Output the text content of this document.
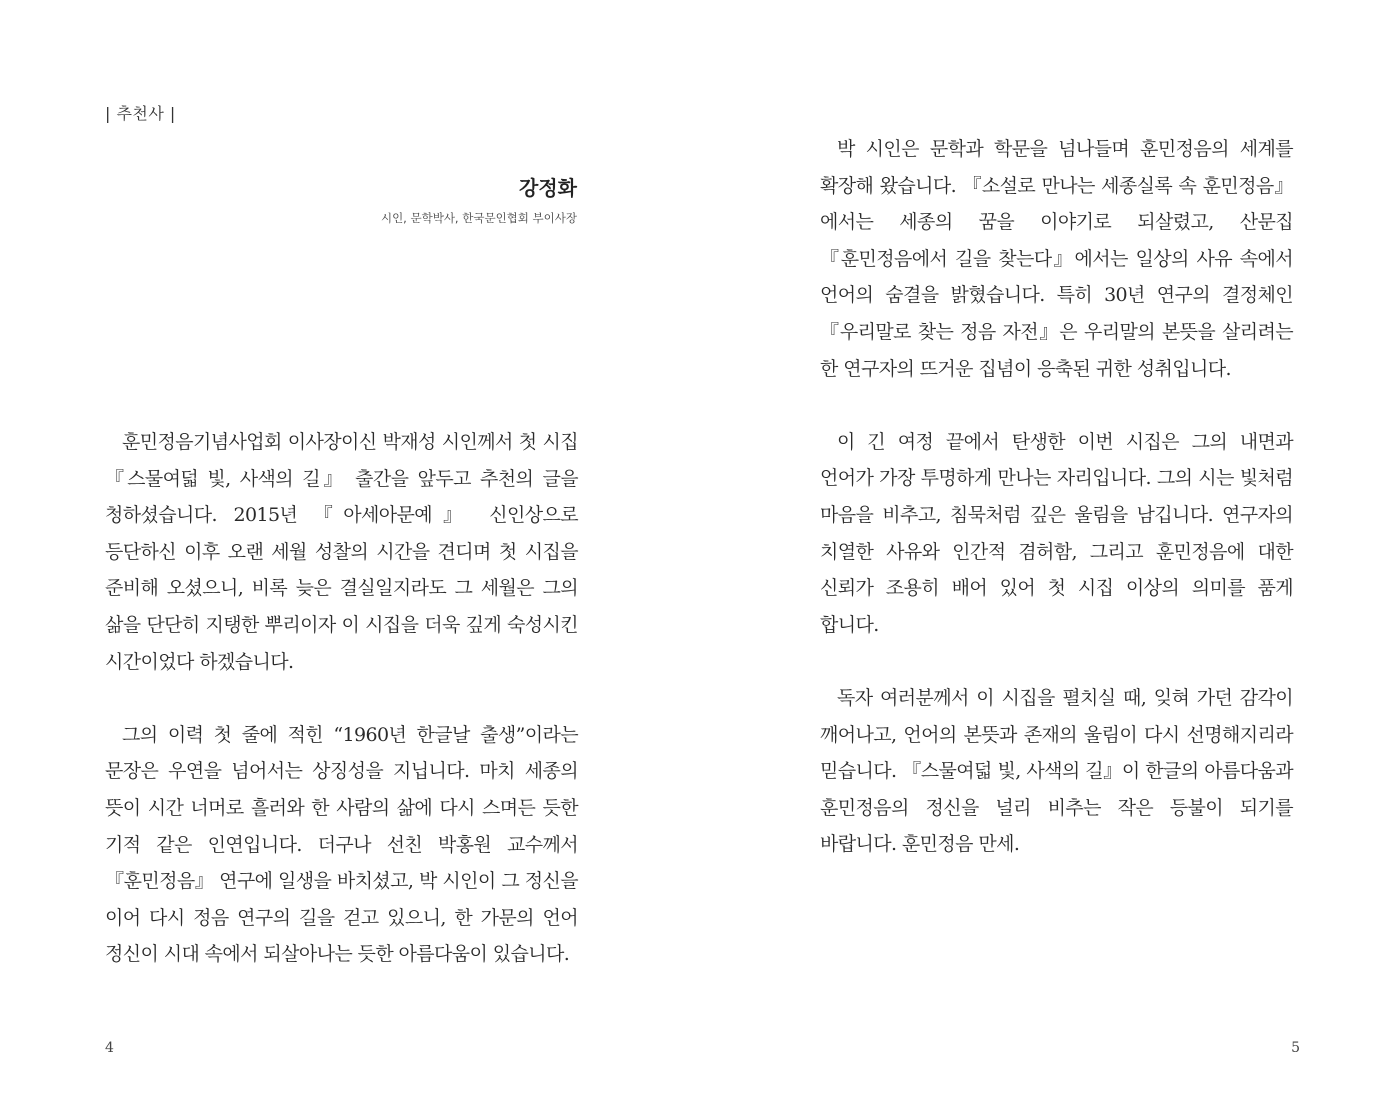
| 추천사 |
강정화
시인, 문학박사, 한국문인협회 부이사장

훈민정음기념사업회 이사장이신 박재성 시인께서 첫 시집 『스물여덟 빛, 사색의 길』 출간을 앞두고 추천의 글을 청하셨습니다. 2015년 『아세아문예』 신인상으로 등단하신 이후 오랜 세월 성찰의 시간을 견디며 첫 시집을 준비해 오셨으니, 비록 늦은 결실일지라도 그 세월은 그의 삶을 단단히 지탱한 뿌리이자 이 시집을 더욱 깊게 숙성시킨 시간이었다 하겠습니다.

그의 이력 첫 줄에 적힌 “1960년 한글날 출생”이라는 문장은 우연을 넘어서는 상징성을 지닙니다. 마치 세종의 뜻이 시간 너머로 흘러와 한 사람의 삶에 다시 스며든 듯한 기적 같은 인연입니다. 더구나 선친 박홍원 교수께서 『훈민정음』 연구에 일생을 바치셨고, 박 시인이 그 정신을 이어 다시 정음 연구의 길을 걷고 있으니, 한 가문의 언어 정신이 시대 속에서 되살아나는 듯한 아름다움이 있습니다.

4

박 시인은 문학과 학문을 넘나들며 훈민정음의 세계를 확장해 왔습니다. 『소설로 만나는 세종실록 속 훈민정음』에서는 세종의 꿈을 이야기로 되살렸고, 산문집 『훈민정음에서 길을 찾는다』에서는 일상의 사유 속에서 언어의 숨결을 밝혔습니다. 특히 30년 연구의 결정체인 『우리말로 찾는 정음 자전』은 우리말의 본뜻을 살리려는 한 연구자의 뜨거운 집념이 응축된 귀한 성취입니다.

이 긴 여정 끝에서 탄생한 이번 시집은 그의 내면과 언어가 가장 투명하게 만나는 자리입니다. 그의 시는 빛처럼 마음을 비추고, 침묵처럼 깊은 울림을 남깁니다. 연구자의 치열한 사유와 인간적 겸허함, 그리고 훈민정음에 대한 신뢰가 조용히 배어 있어 첫 시집 이상의 의미를 품게 합니다.

독자 여러분께서 이 시집을 펼치실 때, 잊혀 가던 감각이 깨어나고, 언어의 본뜻과 존재의 울림이 다시 선명해지리라 믿습니다. 『스물여덟 빛, 사색의 길』이 한글의 아름다움과 훈민정음의 정신을 널리 비추는 작은 등불이 되기를 바랍니다. 훈민정음 만세.

5
